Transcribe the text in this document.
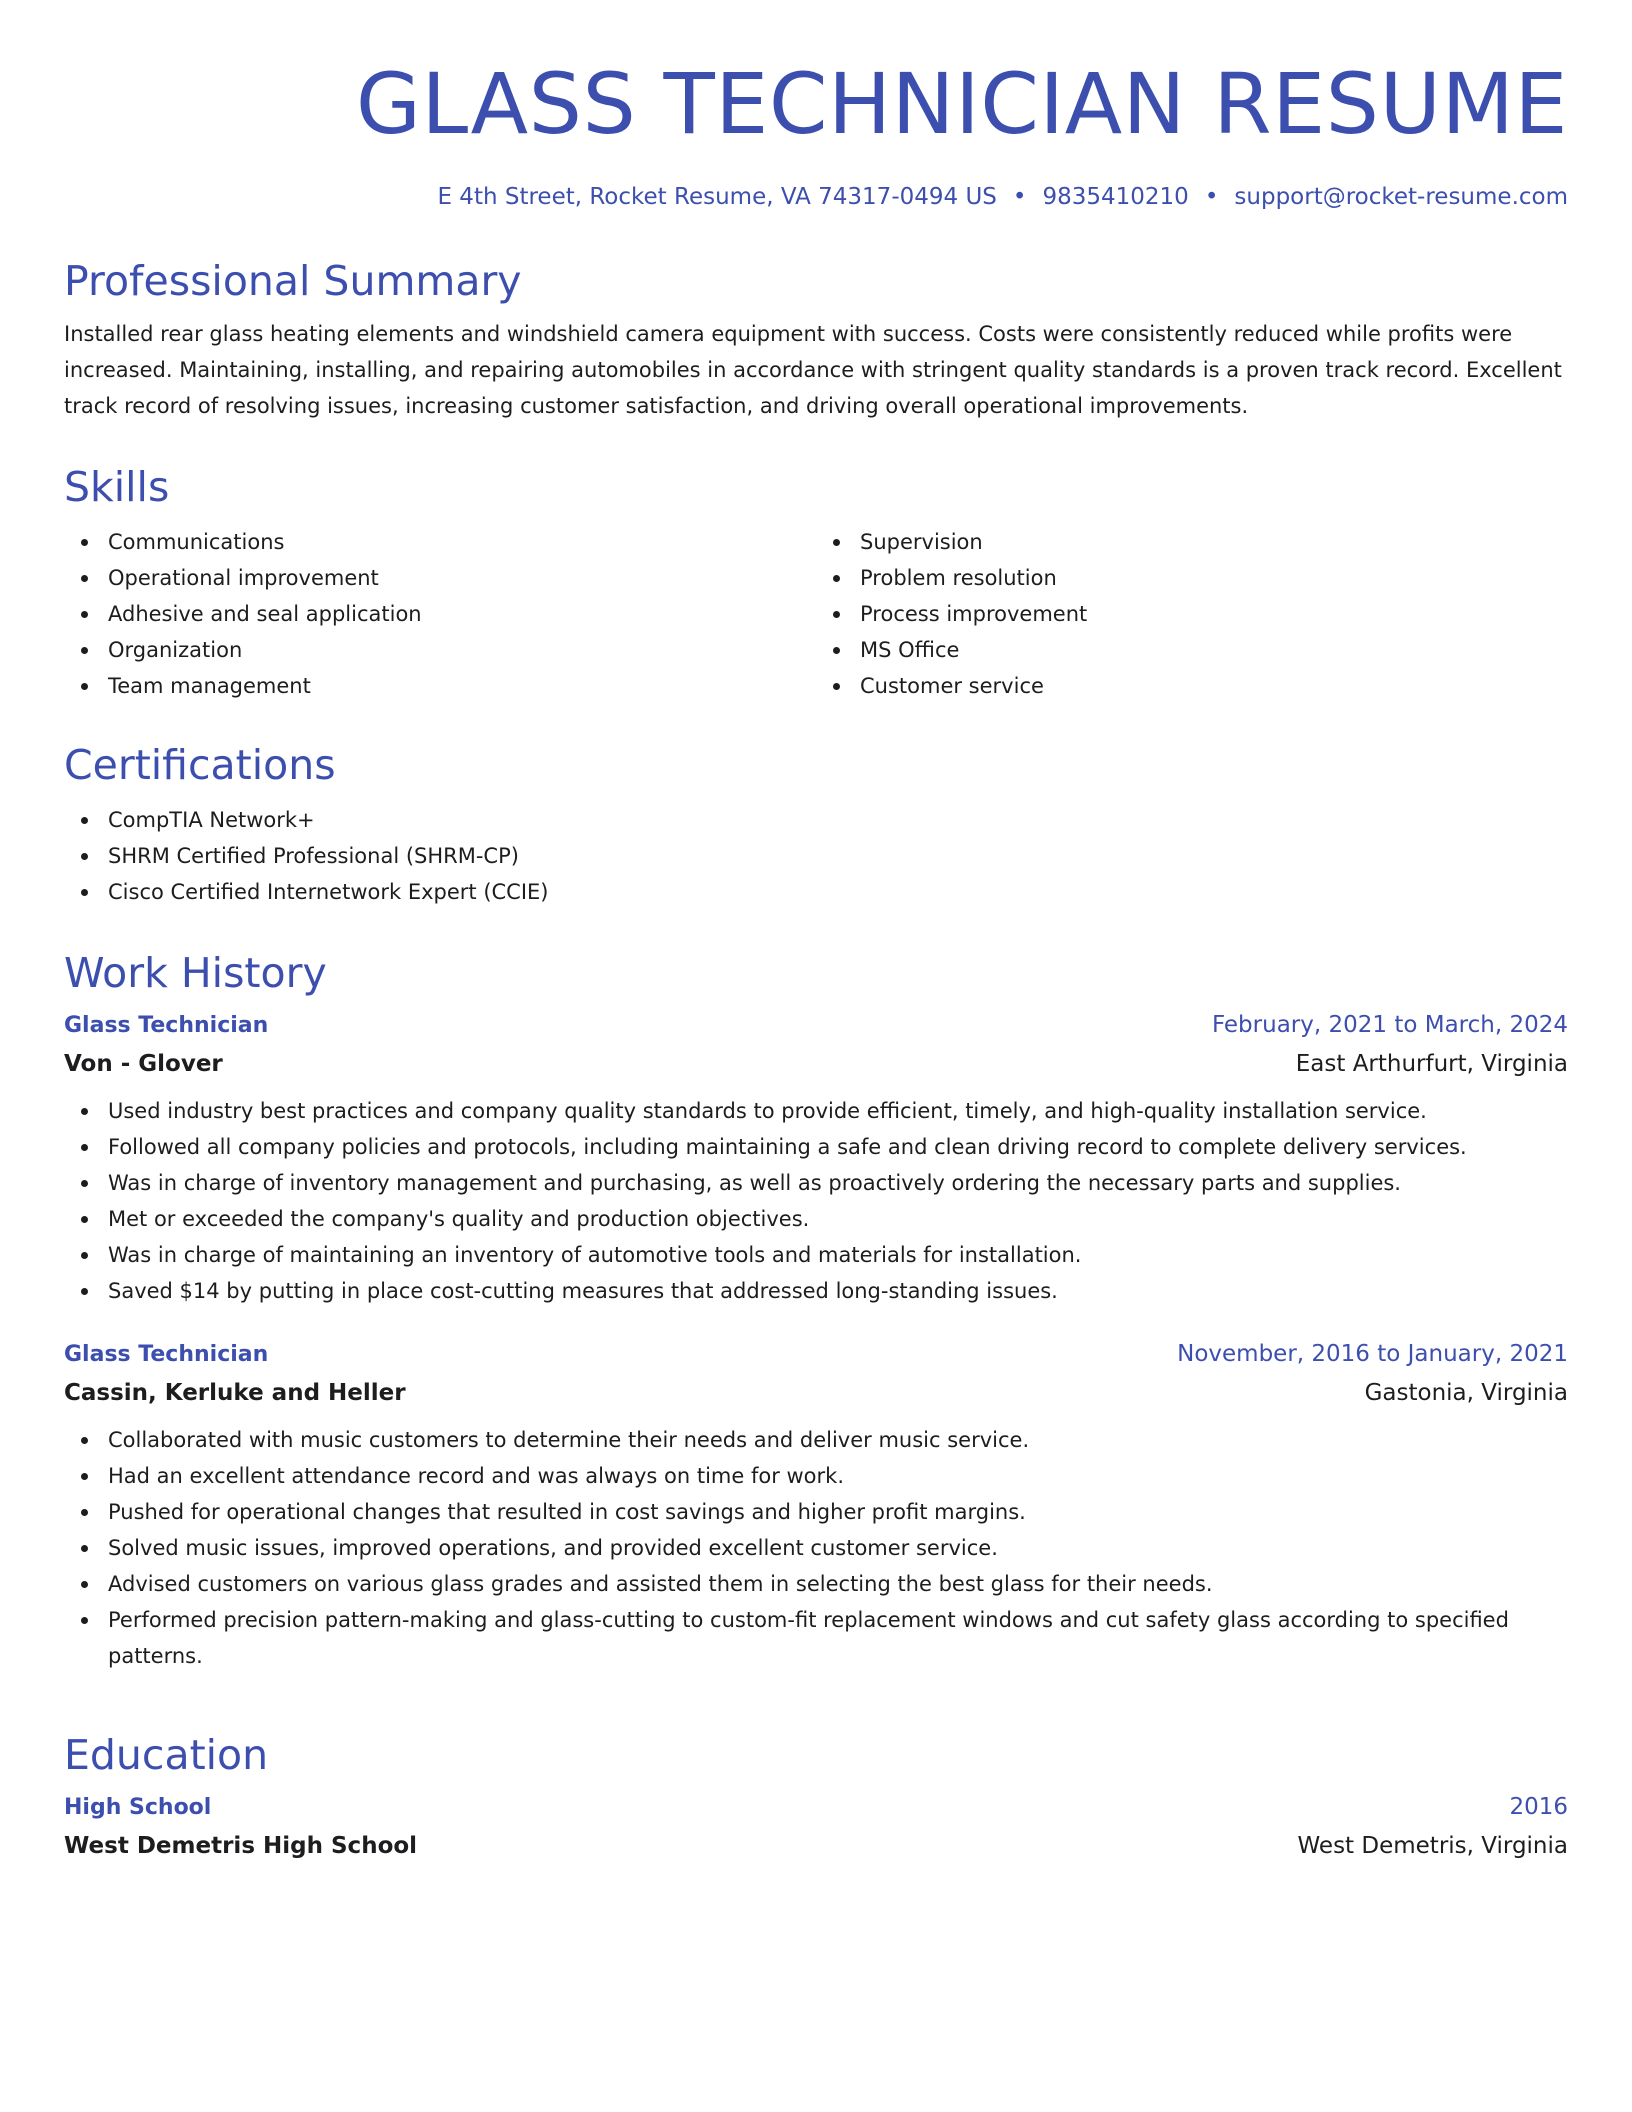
GLASS TECHNICIAN RESUME
E 4th Street, Rocket Resume, VA 74317-0494 US • 9835410210 • support@rocket-resume.com
Professional Summary
Installed rear glass heating elements and windshield camera equipment with success. Costs were consistently reduced while profits were increased. Maintaining, installing, and repairing automobiles in accordance with stringent quality standards is a proven track record. Excellent track record of resolving issues, increasing customer satisfaction, and driving overall operational improvements.
Skills
Communications
Operational improvement
Adhesive and seal application
Organization
Team management
Supervision
Problem resolution
Process improvement
MS Office
Customer service
Certifications
CompTIA Network+
SHRM Certified Professional (SHRM-CP)
Cisco Certified Internetwork Expert (CCIE)
Work History
Glass Technician	February, 2021 to March, 2024
Von - Glover	East Arthurfurt, Virginia
Used industry best practices and company quality standards to provide efficient, timely, and high-quality installation service.
Followed all company policies and protocols, including maintaining a safe and clean driving record to complete delivery services.
Was in charge of inventory management and purchasing, as well as proactively ordering the necessary parts and supplies.
Met or exceeded the company's quality and production objectives.
Was in charge of maintaining an inventory of automotive tools and materials for installation.
Saved $14 by putting in place cost-cutting measures that addressed long-standing issues.
Glass Technician	November, 2016 to January, 2021
Cassin, Kerluke and Heller	Gastonia, Virginia
Collaborated with music customers to determine their needs and deliver music service.
Had an excellent attendance record and was always on time for work.
Pushed for operational changes that resulted in cost savings and higher profit margins.
Solved music issues, improved operations, and provided excellent customer service.
Advised customers on various glass grades and assisted them in selecting the best glass for their needs.
Performed precision pattern-making and glass-cutting to custom-fit replacement windows and cut safety glass according to specified patterns.
Education
High School	2016
West Demetris High School	West Demetris, Virginia
